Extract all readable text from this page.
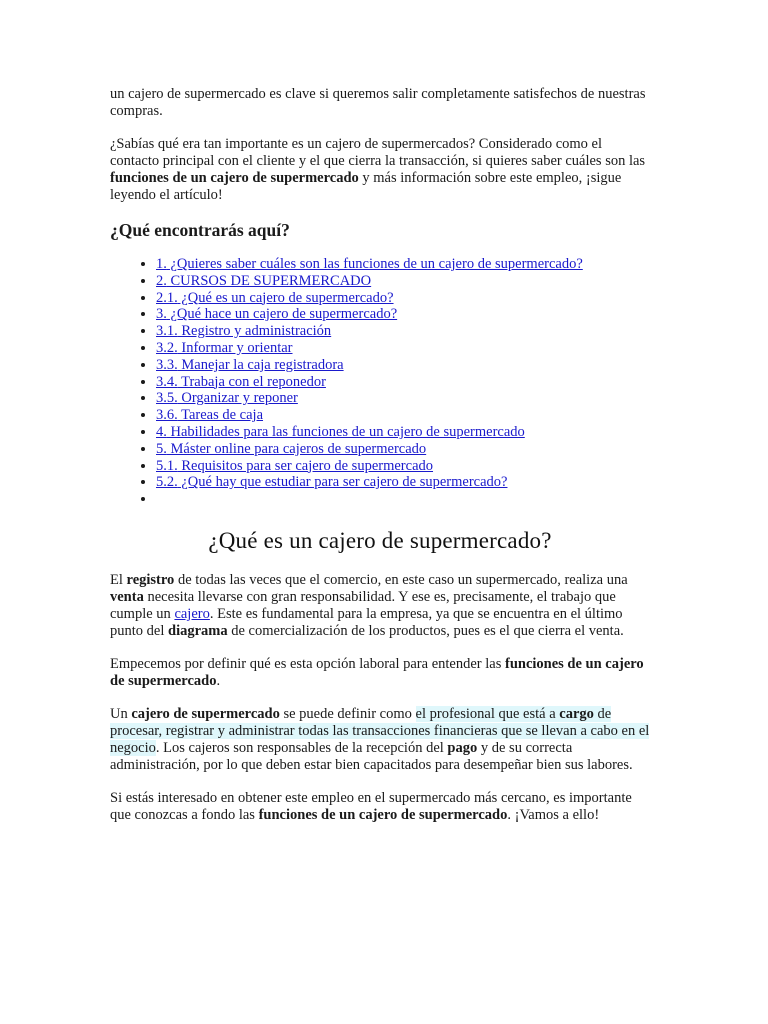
un cajero de supermercado es clave si queremos salir completamente satisfechos de nuestras compras.

¿Sabías qué era tan importante es un cajero de supermercados? Considerado como el contacto principal con el cliente y el que cierra la transacción, si quieres saber cuáles son las funciones de un cajero de supermercado y más información sobre este empleo, ¡sigue leyendo el artículo!

¿Qué encontrarás aquí?
• 1. ¿Quieres saber cuáles son las funciones de un cajero de supermercado?
• 2. CURSOS DE SUPERMERCADO
• 2.1. ¿Qué es un cajero de supermercado?
• 3. ¿Qué hace un cajero de supermercado?
• 3.1. Registro y administración
• 3.2. Informar y orientar
• 3.3. Manejar la caja registradora
• 3.4. Trabaja con el reponedor
• 3.5. Organizar y reponer
• 3.6. Tareas de caja
• 4. Habilidades para las funciones de un cajero de supermercado
• 5. Máster online para cajeros de supermercado
• 5.1. Requisitos para ser cajero de supermercado
• 5.2. ¿Qué hay que estudiar para ser cajero de supermercado?
•
¿Qué es un cajero de supermercado?

El registro de todas las veces que el comercio, en este caso un supermercado, realiza una venta necesita llevarse con gran responsabilidad. Y ese es, precisamente, el trabajo que cumple un cajero. Este es fundamental para la empresa, ya que se encuentra en el último punto del diagrama de comercialización de los productos, pues es el que cierra el venta.

Empecemos por definir qué es esta opción laboral para entender las funciones de un cajero de supermercado.

Un cajero de supermercado se puede definir como el profesional que está a cargo de procesar, registrar y administrar todas las transacciones financieras que se llevan a cabo en el negocio. Los cajeros son responsables de la recepción del pago y de su correcta administración, por lo que deben estar bien capacitados para desempeñar bien sus labores.

Si estás interesado en obtener este empleo en el supermercado más cercano, es importante que conozcas a fondo las funciones de un cajero de supermercado. ¡Vamos a ello!
